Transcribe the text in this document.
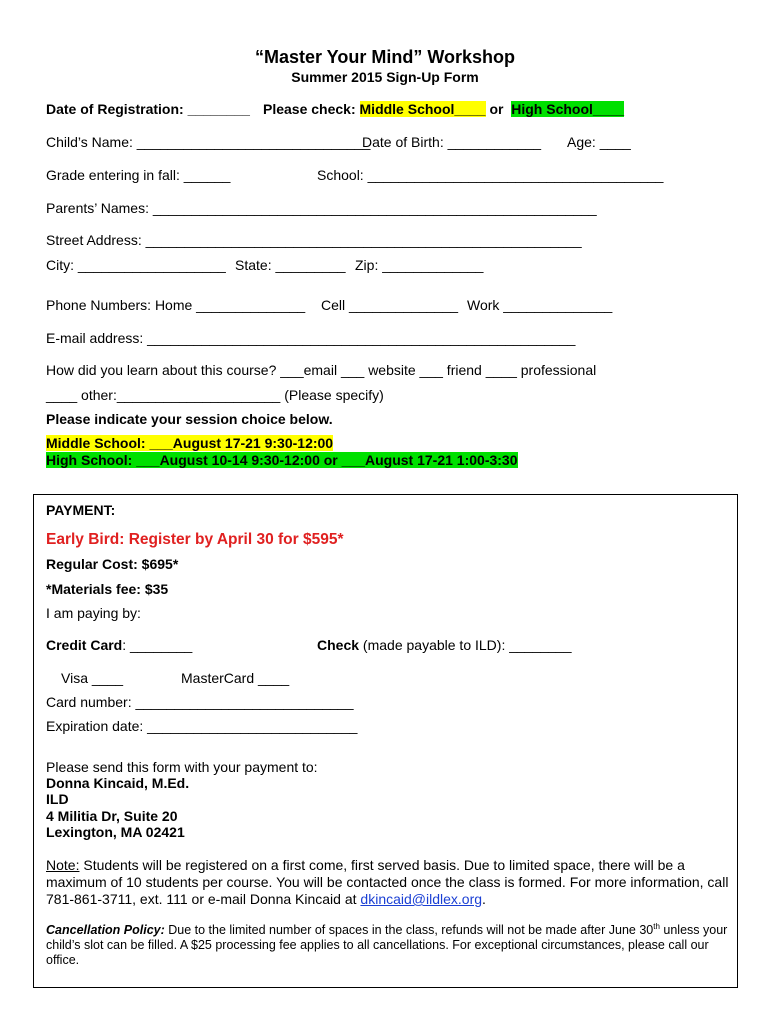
“Master Your Mind” Workshop
Summer 2015 Sign-Up Form
Date of Registration: ________ Please check: Middle School____ or  High School____
Child’s Name: ______________________________
Date of Birth: ____________ Age: ____
Grade entering in fall: ______	School: ______________________________________
Parents’ Names: _________________________________________________________
Street Address: ________________________________________________________
City: ___________________ State: _________ Zip: _____________
Phone Numbers: Home ______________ Cell ______________ Work ______________
E-mail address: _______________________________________________________
How did you learn about this course? ___email ___ website ___ friend ____ professional
____ other:_____________________ (Please specify)
Please indicate your session choice below.
Middle School: ___August 17-21 9:30-12:00
High School: ___August 10-14 9:30-12:00 or ___August 17-21 1:00-3:30
PAYMENT:
Early Bird: Register by April 30 for $595*
Regular Cost: $695*
*Materials fee: $35
I am paying by:
Credit Card: ________	Check (made payable to ILD): ________
Visa ____	MasterCard ____
Card number: ____________________________
Expiration date: ___________________________
Please send this form with your payment to:
Donna Kincaid, M.Ed.
ILD
4 Militia Dr, Suite 20
Lexington, MA 02421
Note: Students will be registered on a first come, first served basis. Due to limited space, there will be a maximum of 10 students per course. You will be contacted once the class is formed. For more information, call 781-861-3711, ext. 111 or e-mail Donna Kincaid at dkincaid@ildlex.org.
Cancellation Policy: Due to the limited number of spaces in the class, refunds will not be made after June 30th unless your child’s slot can be filled. A $25 processing fee applies to all cancellations. For exceptional circumstances, please call our office.
